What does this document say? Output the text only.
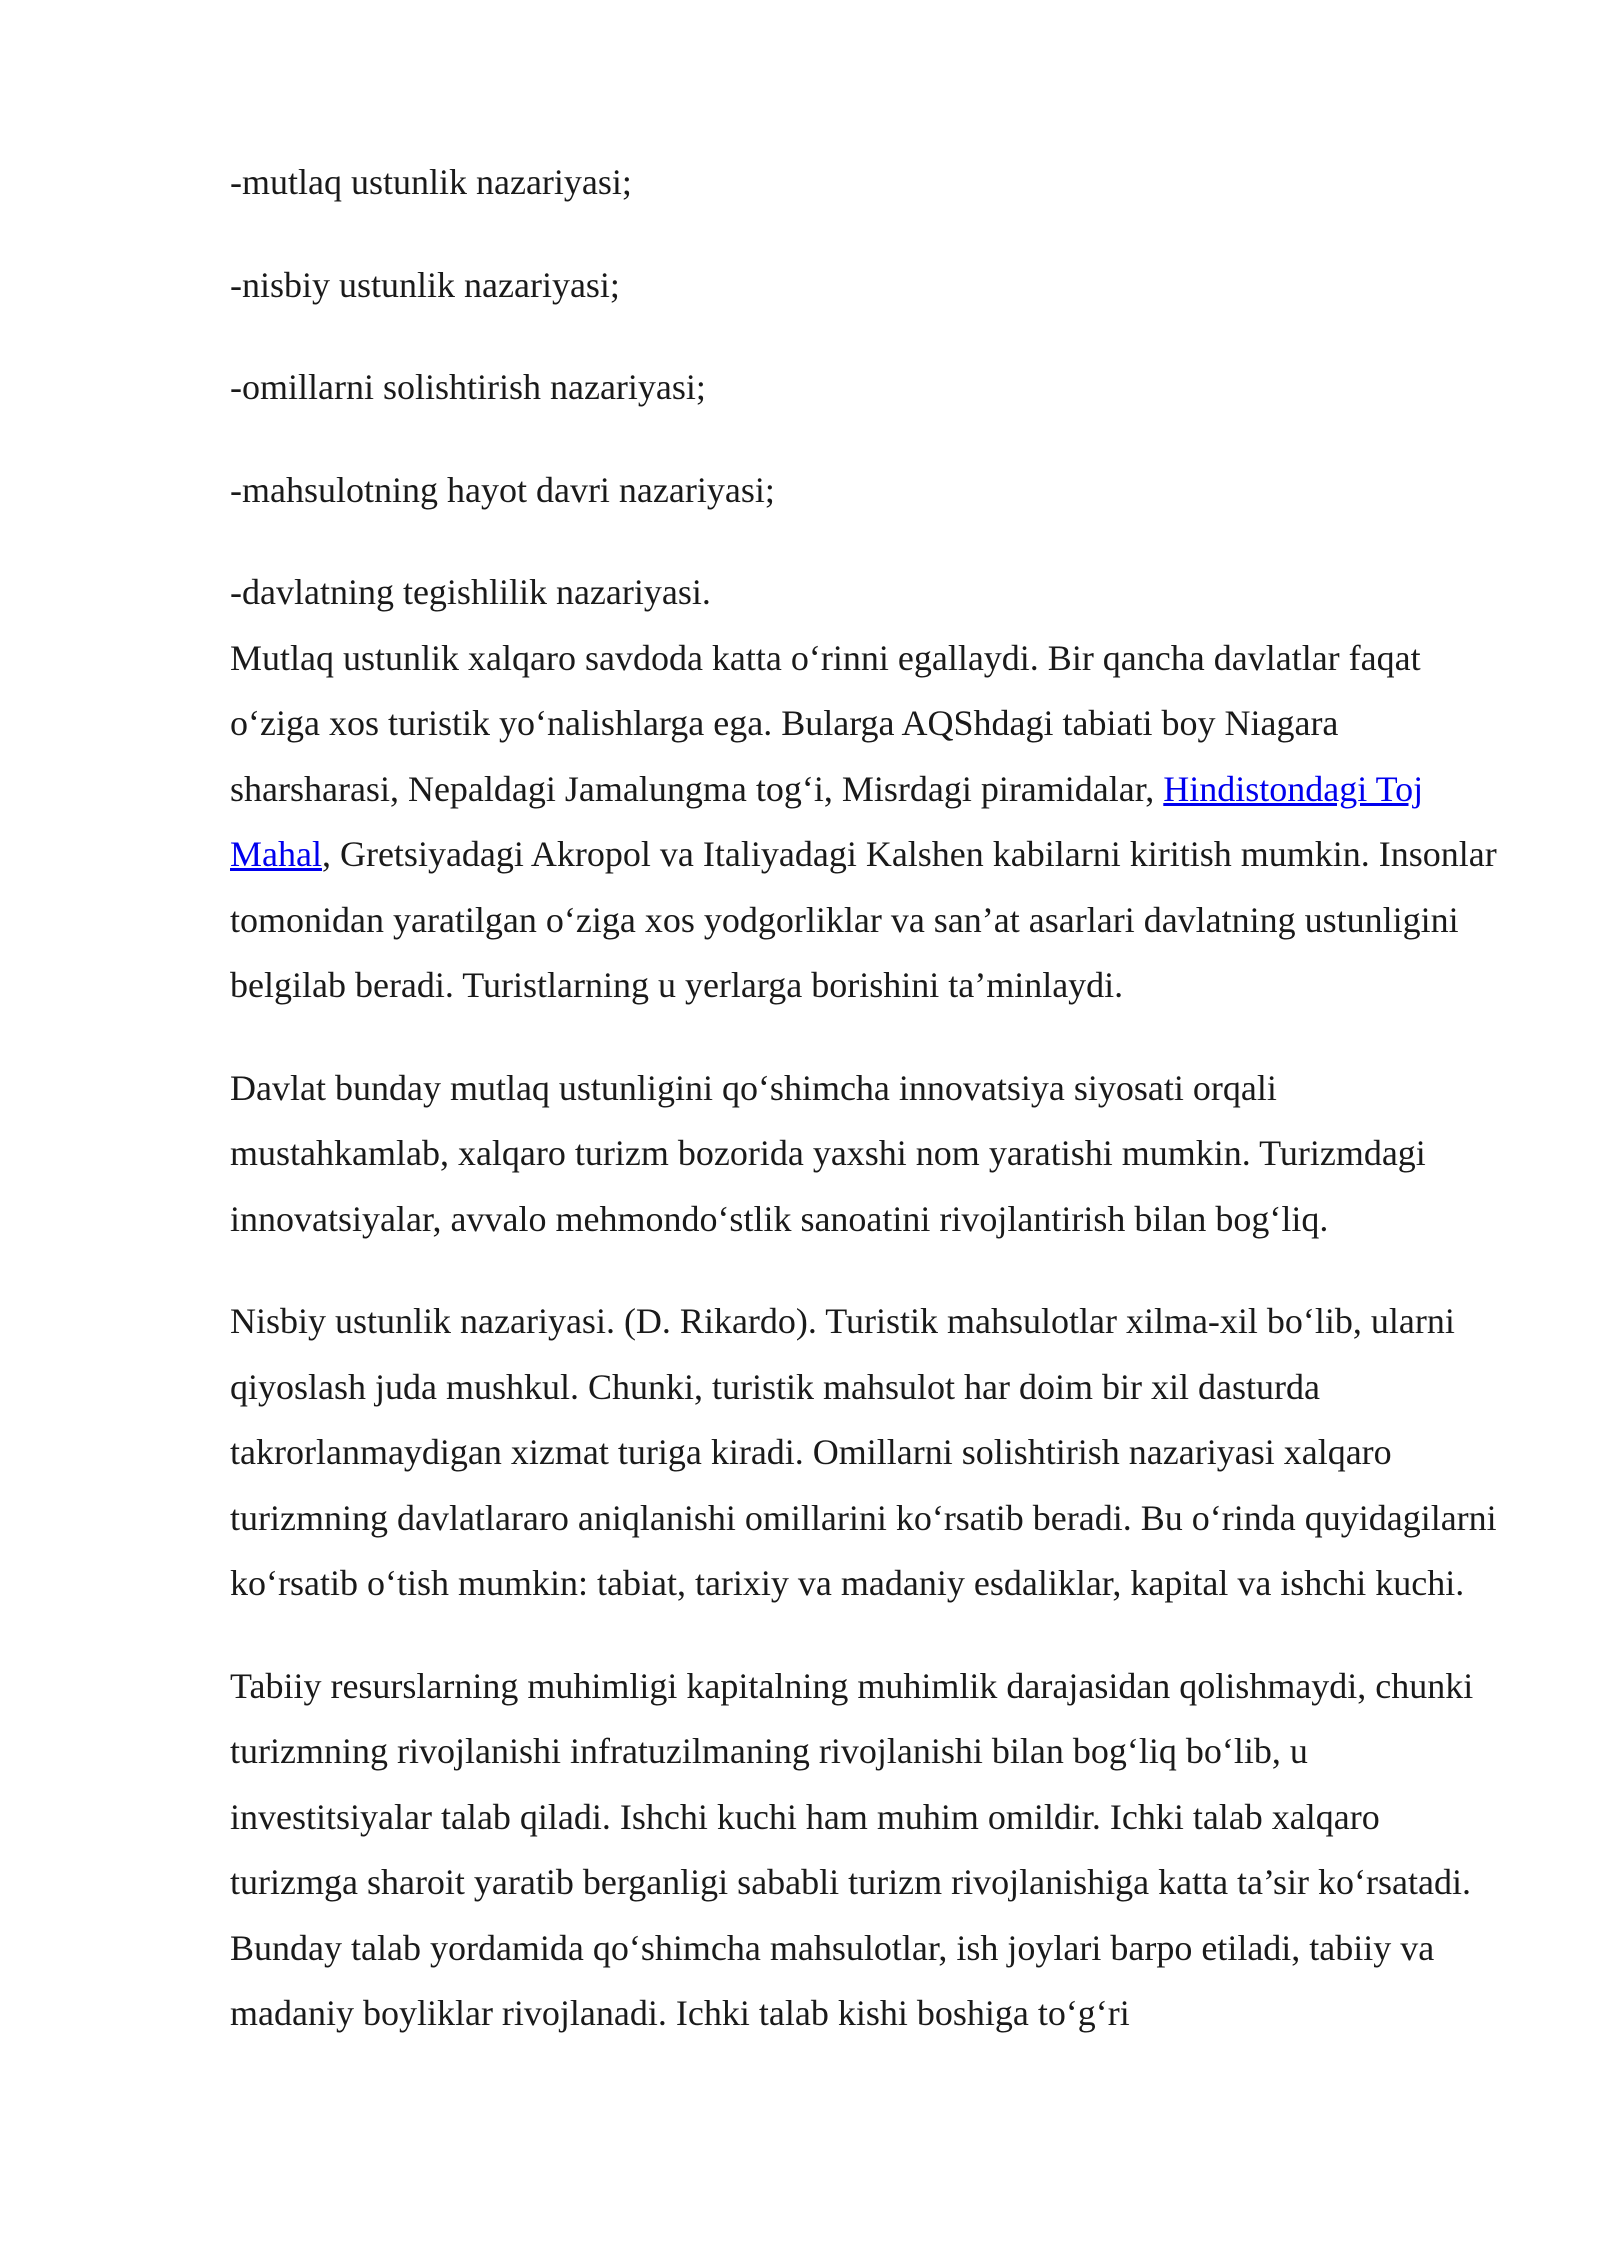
-mutlaq ustunlik nazariyasi;
-nisbiy ustunlik nazariyasi;
-omillarni solishtirish nazariyasi;
-mahsulotning hayot davri nazariyasi;
-davlatning tegishlilik nazariyasi.

Mutlaq ustunlik xalqaro savdoda katta o‘rinni egallaydi. Bir qancha davlatlar faqat o‘ziga xos turistik yo‘nalishlarga ega. Bularga AQShdagi tabiati boy Niagara sharsharasi, Nepaldagi Jamalungma tog‘i, Misrdagi piramidalar, Hindistondagi Toj Mahal, Gretsiyadagi Akropol va Italiyadagi Kalshen kabilarni kiritish mumkin. Insonlar tomonidan yaratilgan o‘ziga xos yodgorliklar va san’at asarlari davlatning ustunligini belgilab beradi. Turistlarning u yerlarga borishini ta’minlaydi.

Davlat bunday mutlaq ustunligini qo‘shimcha innovatsiya siyosati orqali mustahkamlab, xalqaro turizm bozorida yaxshi nom yaratishi mumkin. Turizmdagi innovatsiyalar, avvalo mehmondo‘stlik sanoatini rivojlantirish bilan bog‘liq.

Nisbiy ustunlik nazariyasi. (D. Rikardo). Turistik mahsulotlar xilma-xil bo‘lib, ularni qiyoslash juda mushkul. Chunki, turistik mahsulot har doim bir xil dasturda takrorlanmaydigan xizmat turiga kiradi. Omillarni solishtirish nazariyasi xalqaro turizmning davlatlararo aniqlanishi omillarini ko‘rsatib beradi. Bu o‘rinda quyidagilarni ko‘rsatib o‘tish mumkin: tabiat, tarixiy va madaniy esdaliklar, kapital va ishchi kuchi.

Tabiiy resurslarning muhimligi kapitalning muhimlik darajasidan qolishmaydi, chunki turizmning rivojlanishi infratuzilmaning rivojlanishi bilan bog‘liq bo‘lib, u investitsiyalar talab qiladi. Ishchi kuchi ham muhim omildir. Ichki talab xalqaro turizmga sharoit yaratib berganligi sababli turizm rivojlanishiga katta ta’sir ko‘rsatadi. Bunday talab yordamida qo‘shimcha mahsulotlar, ish joylari barpo etiladi, tabiiy va madaniy boyliklar rivojlanadi. Ichki talab kishi boshiga to‘g‘ri
